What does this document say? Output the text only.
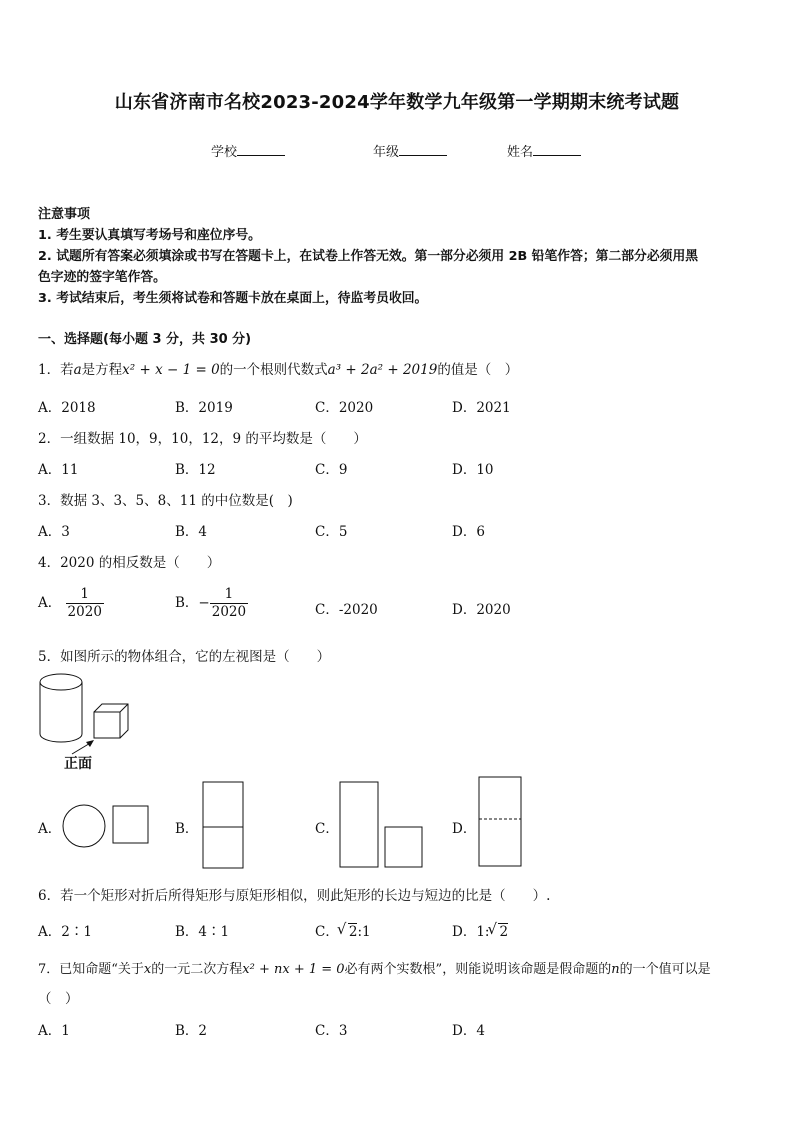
山东省济南市名校2023-2024学年数学九年级第一学期期末统考试题
学校	年级	姓名
注意事项
1. 考生要认真填写考场号和座位序号。
2. 试题所有答案必须填涂或书写在答题卡上，在试卷上作答无效。第一部分必须用 2B 铅笔作答；第二部分必须用黑
色字迹的签字笔作答。
3. 考试结束后，考生须将试卷和答题卡放在桌面上，待监考员收回。
一、选择题(每小题 3 分，共 30 分)
1．若a是方程x² + x − 1 = 0的一个根则代数式a³ + 2a² + 2019的值是（　）
A．2018	B．2019	C．2020	D．2021
2．一组数据 10，9，10，12，9 的平均数是（　　）
A．11	B．12	C．9	D．10
3．数据 3、3、5、8、11 的中位数是(　)
A．3	B．4	C．5	D．6
4．2020 的相反数是（　　）
A． $\frac{1}{2020}$	B．− $\frac{1}{2020}$	C．-2020	D．2020
5．如图所示的物体组合，它的左视图是（　　）
正面
A．	B．	C．	D．
6．若一个矩形对折后所得矩形与原矩形相似，则此矩形的长边与短边的比是（　　）.
A．2∶1	B．4∶1	C． √ 2:1	D．1: √ 2
7．已知命题“关于x的一元二次方程x² + nx + 1 = 0必有两个实数根”，则能说明该命题是假命题的n的一个值可以是
（　）
A．1	B．2	C．3	D．4
